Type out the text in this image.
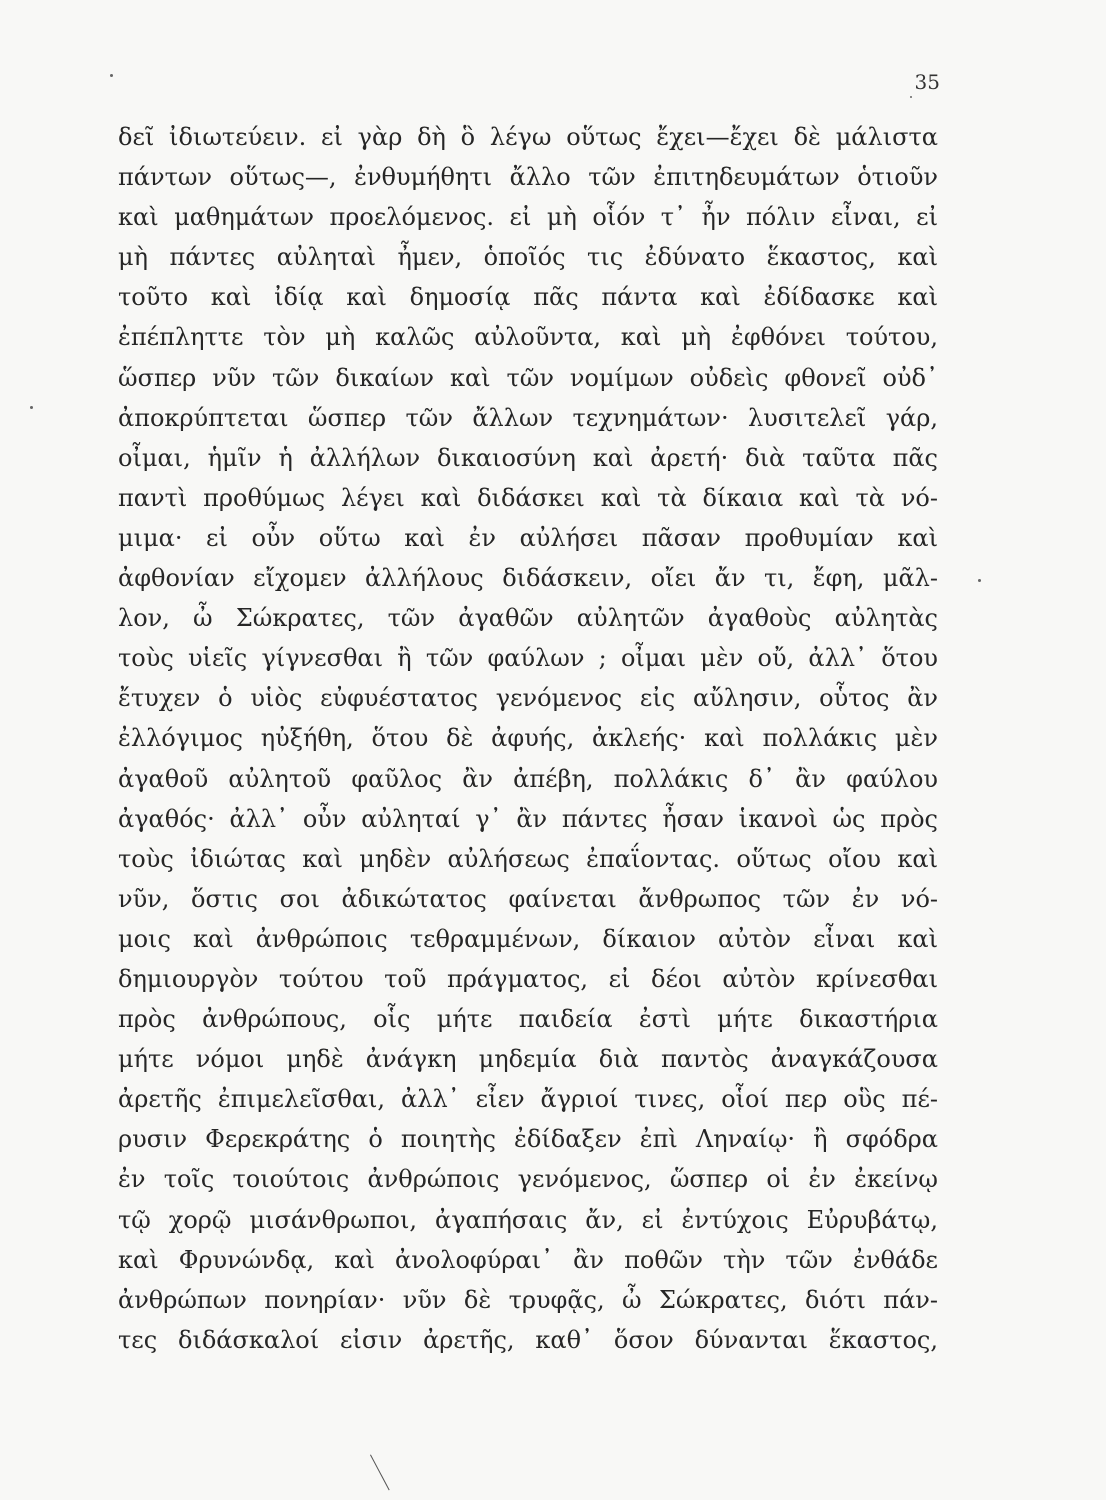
35
δεῖ ἰδιωτεύειν. εἰ γὰρ δὴ ὃ λέγω οὕτως ἔχει—ἔχει δὲ μάλιστα
πάντων οὕτως—, ἐνθυμήθητι ἄλλο τῶν ἐπιτηδευμάτων ὁτιοῦν
καὶ μαθημάτων προελόμενος. εἰ μὴ οἷόν τ᾽ ἦν πόλιν εἶναι, εἰ
μὴ πάντες αὐληταὶ ἦμεν, ὁποῖός τις ἐδύνατο ἕκαστος, καὶ
τοῦτο καὶ ἰδίᾳ καὶ δημοσίᾳ πᾶς πάντα καὶ ἐδίδασκε καὶ
ἐπέπληττε τὸν μὴ καλῶς αὐλοῦντα, καὶ μὴ ἐφθόνει τούτου,
ὥσπερ νῦν τῶν δικαίων καὶ τῶν νομίμων οὐδεὶς φθονεῖ οὐδ᾽
ἀποκρύπτεται ὥσπερ τῶν ἄλλων τεχνημάτων· λυσιτελεῖ γάρ,
οἶμαι, ἡμῖν ἡ ἀλλήλων δικαιοσύνη καὶ ἀρετή· διὰ ταῦτα πᾶς
παντὶ προθύμως λέγει καὶ διδάσκει καὶ τὰ δίκαια καὶ τὰ νό-
μιμα· εἰ οὖν οὕτω καὶ ἐν αὐλήσει πᾶσαν προθυμίαν καὶ
ἀφθονίαν εἴχομεν ἀλλήλους διδάσκειν, οἴει ἄν τι, ἔφη, μᾶλ-
λον, ὦ Σώκρατες, τῶν ἀγαθῶν αὐλητῶν ἀγαθοὺς αὐλητὰς
τοὺς υἱεῖς γίγνεσθαι ἢ τῶν φαύλων ; οἶμαι μὲν οὔ, ἀλλ᾽ ὅτου
ἔτυχεν ὁ υἱὸς εὐφυέστατος γενόμενος εἰς αὔλησιν, οὗτος ἂν
ἐλλόγιμος ηὐξήθη, ὅτου δὲ ἀφυής, ἀκλεής· καὶ πολλάκις μὲν
ἀγαθοῦ αὐλητοῦ φαῦλος ἂν ἀπέβη, πολλάκις δ᾽ ἂν φαύλου
ἀγαθός· ἀλλ᾽ οὖν αὐληταί γ᾽ ἂν πάντες ἦσαν ἱκανοὶ ὡς πρὸς
τοὺς ἰδιώτας καὶ μηδὲν αὐλήσεως ἐπαΐοντας. οὕτως οἴου καὶ
νῦν, ὅστις σοι ἀδικώτατος φαίνεται ἄνθρωπος τῶν ἐν νό-
μοις καὶ ἀνθρώποις τεθραμμένων, δίκαιον αὐτὸν εἶναι καὶ
δημιουργὸν τούτου τοῦ πράγματος, εἰ δέοι αὐτὸν κρίνεσθαι
πρὸς ἀνθρώπους, οἷς μήτε παιδεία ἐστὶ μήτε δικαστήρια
μήτε νόμοι μηδὲ ἀνάγκη μηδεμία διὰ παντὸς ἀναγκάζουσα
ἀρετῆς ἐπιμελεῖσθαι, ἀλλ᾽ εἶεν ἄγριοί τινες, οἷοί περ οὓς πέ-
ρυσιν Φερεκράτης ὁ ποιητὴς ἐδίδαξεν ἐπὶ Ληναίῳ· ἢ σφόδρα
ἐν τοῖς τοιούτοις ἀνθρώποις γενόμενος, ὥσπερ οἱ ἐν ἐκείνῳ
τῷ χορῷ μισάνθρωποι, ἀγαπήσαις ἄν, εἰ ἐντύχοις Εὐρυβάτῳ,
καὶ Φρυνώνδᾳ, καὶ ἀνολοφύραι᾽ ἂν ποθῶν τὴν τῶν ἐνθάδε
ἀνθρώπων πονηρίαν· νῦν δὲ τρυφᾷς, ὦ Σώκρατες, διότι πάν-
τες διδάσκαλοί εἰσιν ἀρετῆς, καθ᾽ ὅσον δύνανται ἕκαστος,
